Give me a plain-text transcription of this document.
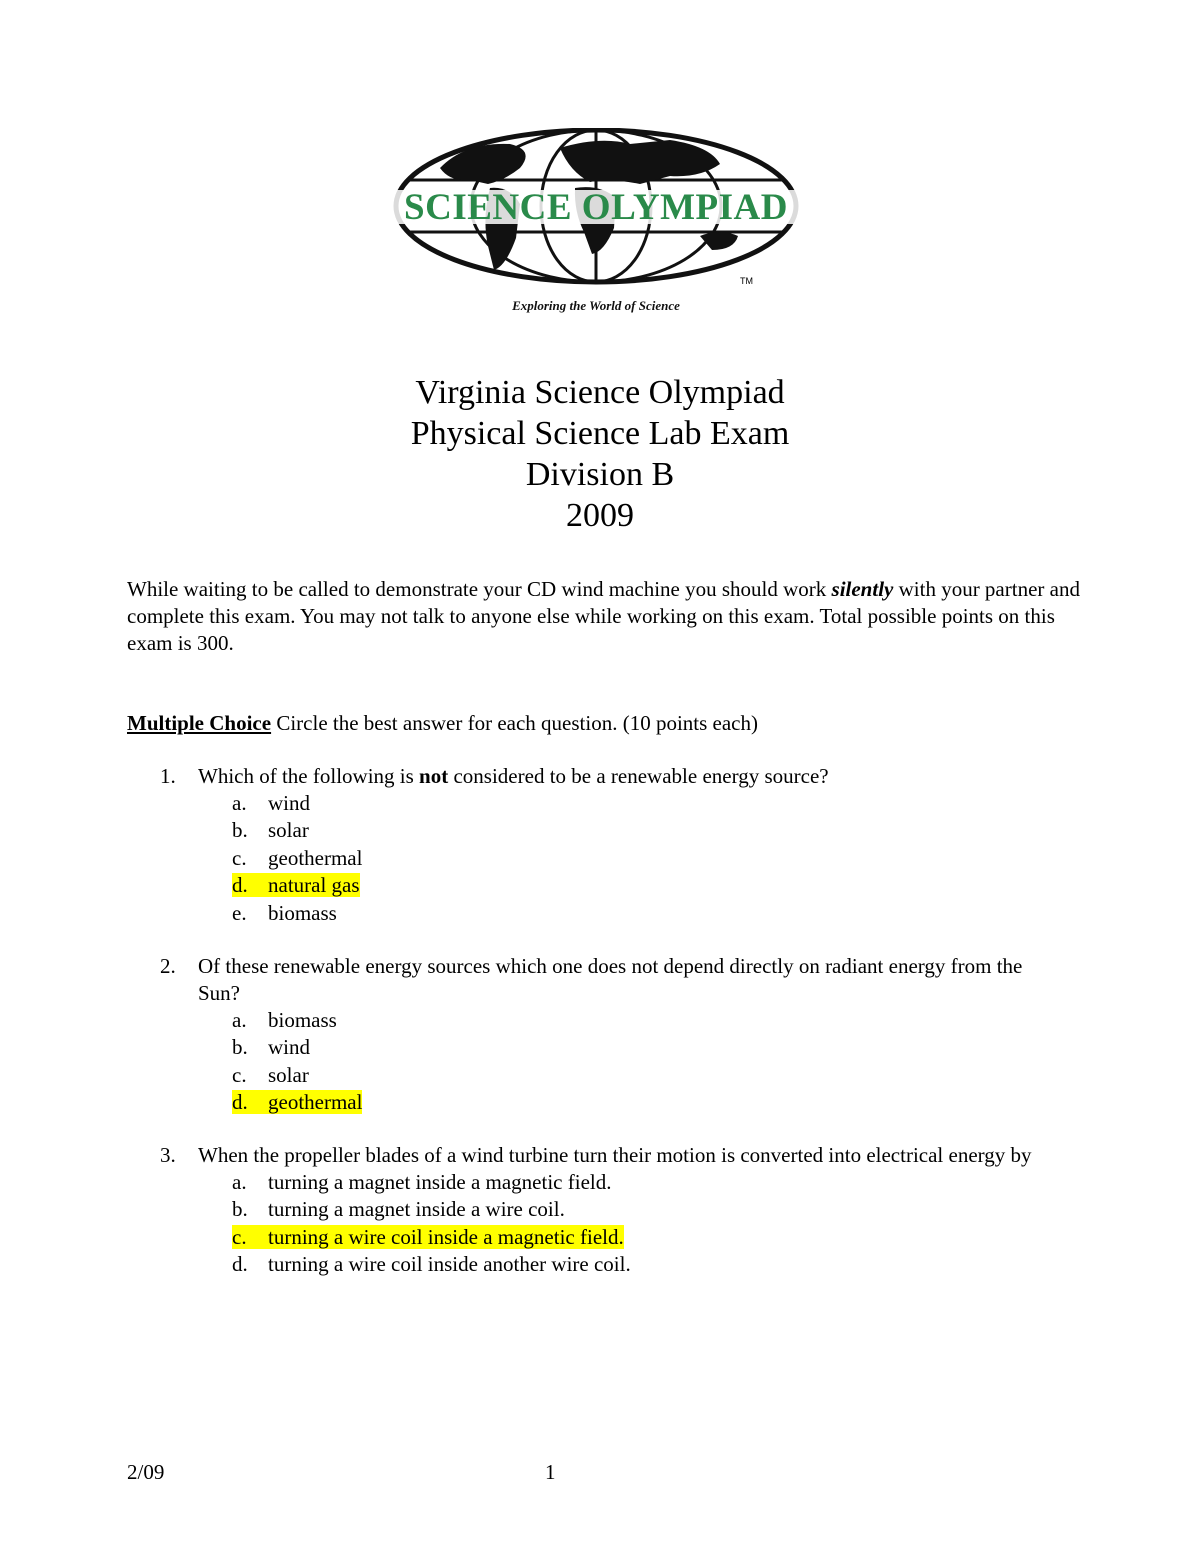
SCIENCE OLYMPIAD
TM
Exploring the World of Science
Virginia Science Olympiad
Physical Science Lab Exam
Division B
2009
While waiting to be called to demonstrate your CD wind machine you should work silently with your partner and complete this exam. You may not talk to anyone else while working on this exam. Total possible points on this exam is 300.
Multiple Choice Circle the best answer for each question. (10 points each)
1. Which of the following is not considered to be a renewable energy source?
a. wind
b. solar
c. geothermal
d. natural gas
e. biomass
2. Of these renewable energy sources which one does not depend directly on radiant energy from the Sun?
a. biomass
b. wind
c. solar
d. geothermal
3. When the propeller blades of a wind turbine turn their motion is converted into electrical energy by
a. turning a magnet inside a magnetic field.
b. turning a magnet inside a wire coil.
c. turning a wire coil inside a magnetic field.
d. turning a wire coil inside another wire coil.
2/09	1
